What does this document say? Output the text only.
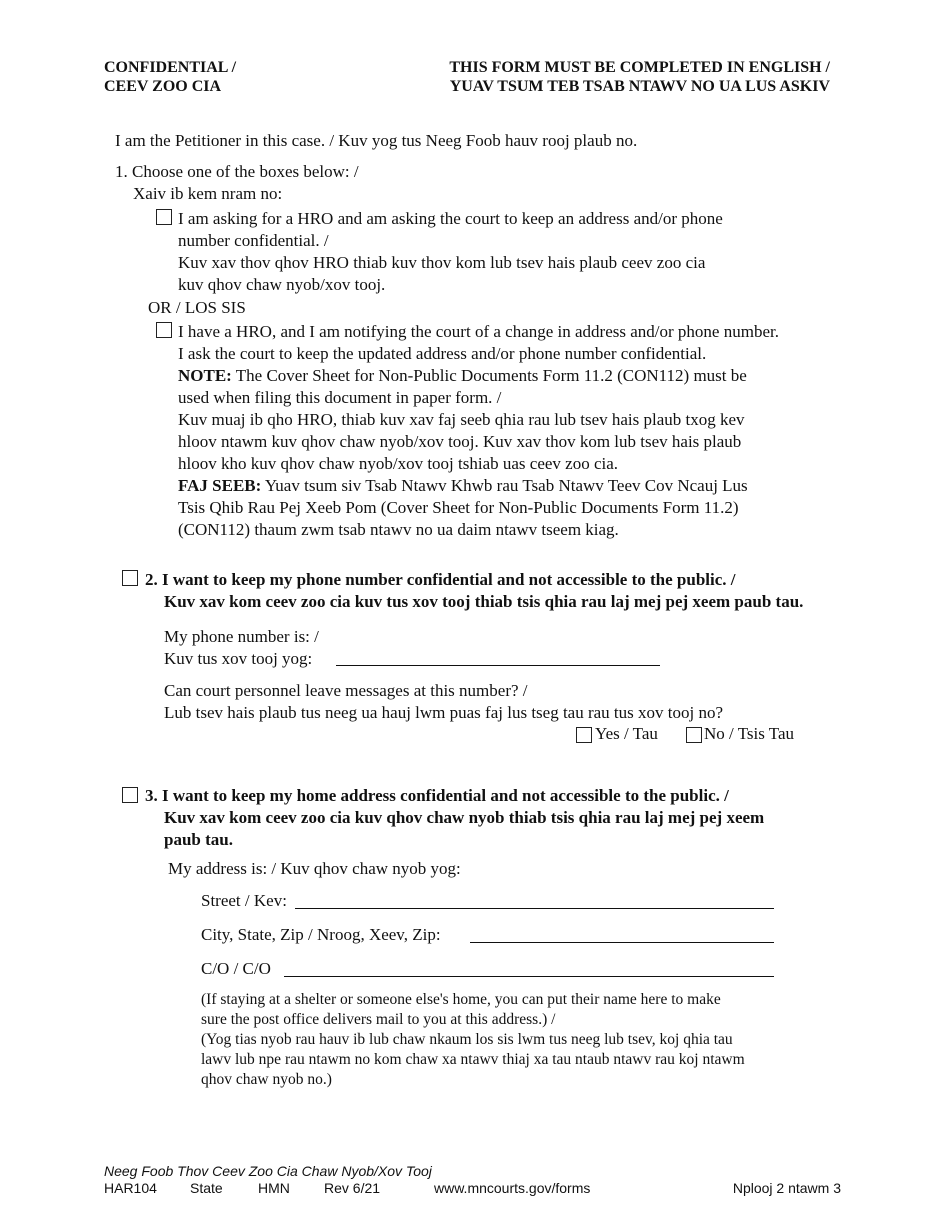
CONFIDENTIAL /
CEEV ZOO CIA
THIS FORM MUST BE COMPLETED IN ENGLISH /
YUAV TSUM TEB TSAB NTAWV NO UA LUS ASKIV
I am the Petitioner in this case. / Kuv yog tus Neeg Foob hauv rooj plaub no.
1. Choose one of the boxes below: /
Xaiv ib kem nram no:
I am asking for a HRO and am asking the court to keep an address and/or phone
number confidential. /
Kuv xav thov qhov HRO thiab kuv thov kom lub tsev hais plaub ceev zoo cia
kuv qhov chaw nyob/xov tooj.
OR / LOS SIS
I have a HRO, and I am notifying the court of a change in address and/or phone number.
I ask the court to keep the updated address and/or phone number confidential.
NOTE: The Cover Sheet for Non-Public Documents Form 11.2 (CON112) must be
used when filing this document in paper form. /
Kuv muaj ib qho HRO, thiab kuv xav faj seeb qhia rau lub tsev hais plaub txog kev
hloov ntawm kuv qhov chaw nyob/xov tooj. Kuv xav thov kom lub tsev hais plaub
hloov kho kuv qhov chaw nyob/xov tooj tshiab uas ceev zoo cia.
FAJ SEEB: Yuav tsum siv Tsab Ntawv Khwb rau Tsab Ntawv Teev Cov Ncauj Lus
Tsis Qhib Rau Pej Xeeb Pom (Cover Sheet for Non-Public Documents Form 11.2)
(CON112) thaum zwm tsab ntawv no ua daim ntawv tseem kiag.
2. I want to keep my phone number confidential and not accessible to the public. /
Kuv xav kom ceev zoo cia kuv tus xov tooj thiab tsis qhia rau laj mej pej xeem paub tau.
My phone number is: /
Kuv tus xov tooj yog:
Can court personnel leave messages at this number? /
Lub tsev hais plaub tus neeg ua hauj lwm puas faj lus tseg tau rau tus xov tooj no?
Yes / Tau	No / Tsis Tau
3. I want to keep my home address confidential and not accessible to the public. /
Kuv xav kom ceev zoo cia kuv qhov chaw nyob thiab tsis qhia rau laj mej pej xeem
paub tau.
My address is: / Kuv qhov chaw nyob yog:
Street / Kev:
City, State, Zip / Nroog, Xeev, Zip:
C/O / C/O
(If staying at a shelter or someone else's home, you can put their name here to make
sure the post office delivers mail to you at this address.) /
(Yog tias nyob rau hauv ib lub chaw nkaum los sis lwm tus neeg lub tsev, koj qhia tau
lawv lub npe rau ntawm no kom chaw xa ntawv thiaj xa tau ntaub ntawv rau koj ntawm
qhov chaw nyob no.)
Neeg Foob Thov Ceev Zoo Cia Chaw Nyob/Xov Tooj
HAR104 State	HMN Rev 6/21	www.mncourts.gov/forms	Nplooj 2 ntawm 3
